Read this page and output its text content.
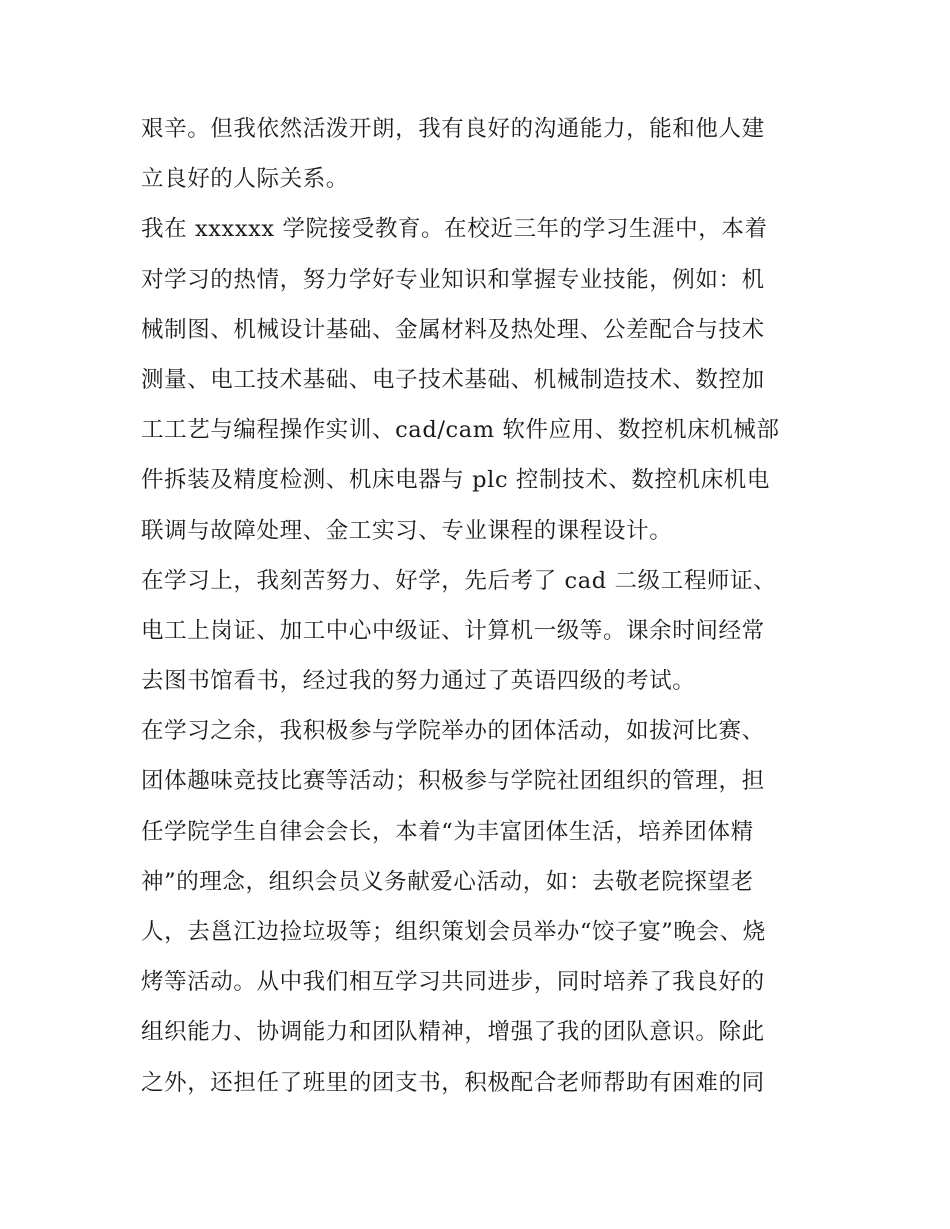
艰辛。但我依然活泼开朗，我有良好的沟通能力，能和他人建
立良好的人际关系。
我在 xxxxxx 学院接受教育。在校近三年的学习生涯中，本着
对学习的热情，努力学好专业知识和掌握专业技能，例如：机
械制图、机械设计基础、金属材料及热处理、公差配合与技术
测量、电工技术基础、电子技术基础、机械制造技术、数控加
工工艺与编程操作实训、cad/cam 软件应用、数控机床机械部
件拆装及精度检测、机床电器与 plc 控制技术、数控机床机电
联调与故障处理、金工实习、专业课程的课程设计。
在学习上，我刻苦努力、好学，先后考了 cad 二级工程师证、
电工上岗证、加工中心中级证、计算机一级等。课余时间经常
去图书馆看书，经过我的努力通过了英语四级的考试。
在学习之余，我积极参与学院举办的团体活动，如拔河比赛、
团体趣味竞技比赛等活动；积极参与学院社团组织的管理，担
任学院学生自律会会长，本着“为丰富团体生活，培养团体精
神”的理念，组织会员义务献爱心活动，如：去敬老院探望老
人，去邕江边捡垃圾等；组织策划会员举办“饺子宴”晚会、烧
烤等活动。从中我们相互学习共同进步，同时培养了我良好的
组织能力、协调能力和团队精神，增强了我的团队意识。除此
之外，还担任了班里的团支书，积极配合老师帮助有困难的同
